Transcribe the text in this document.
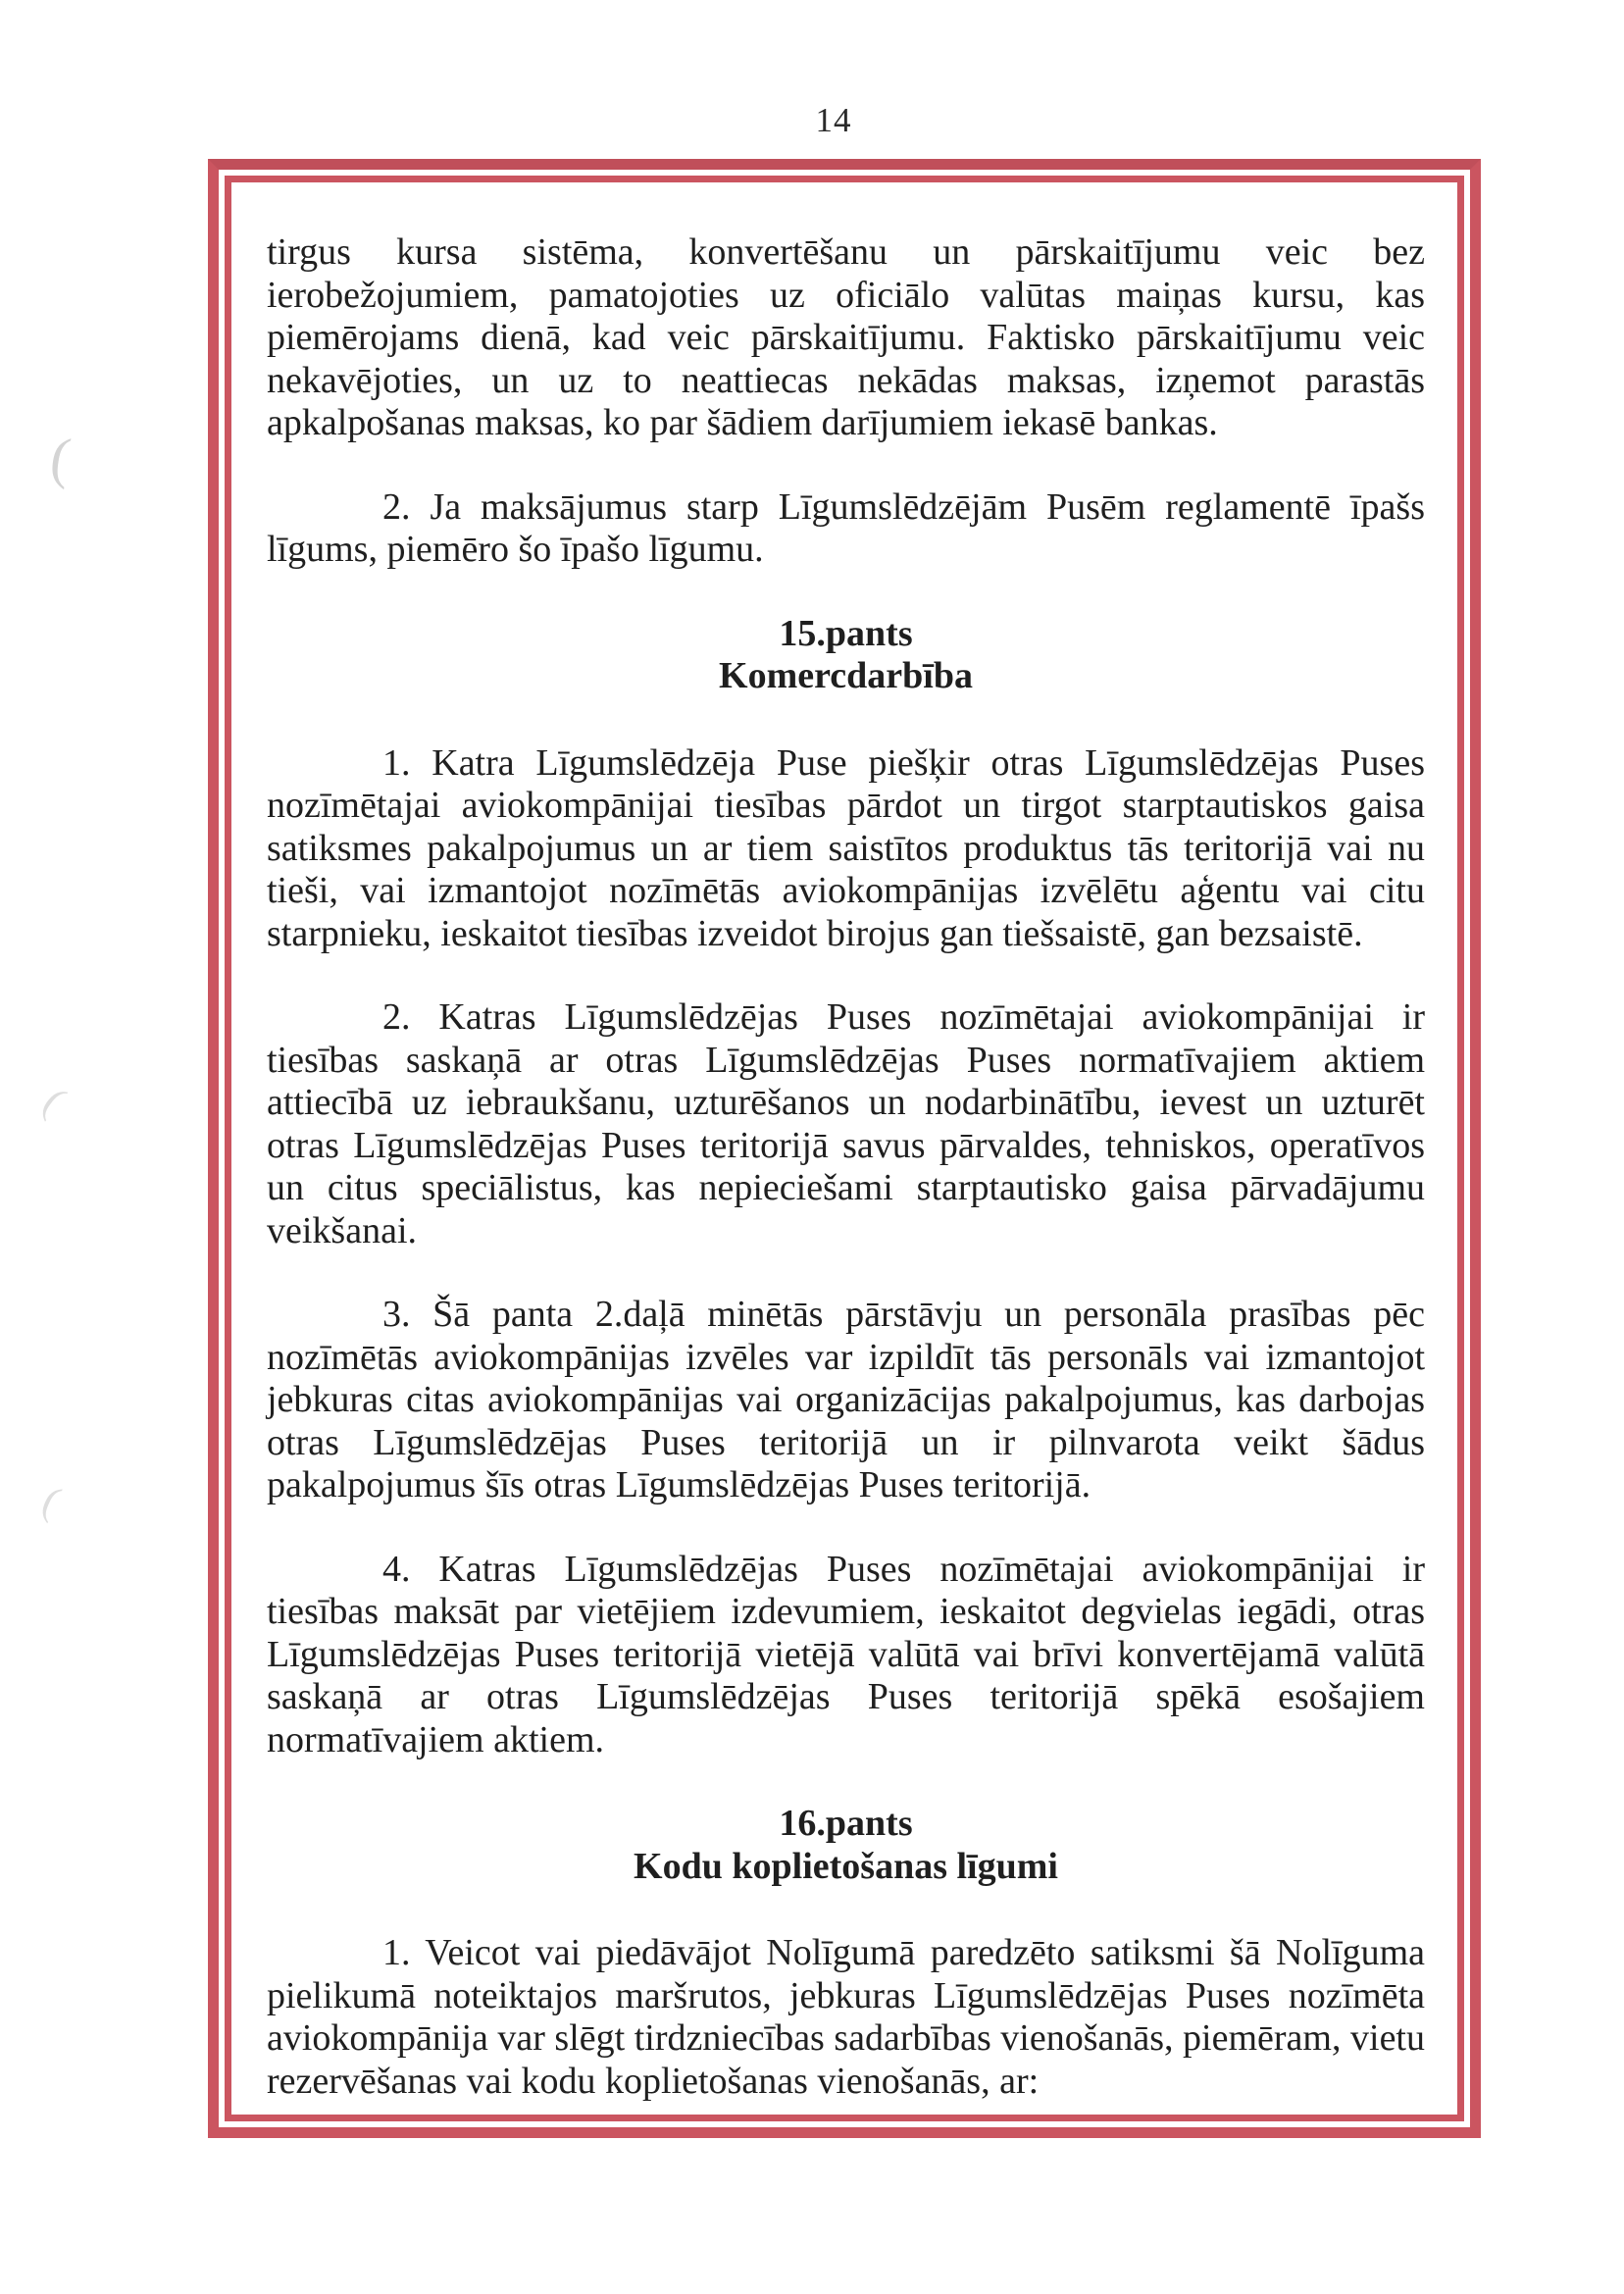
14
(
(
(

tirgus kursa sistēma, konvertēšanu un pārskaitījumu veic bez ierobežojumiem, pamatojoties uz oficiālo valūtas maiņas kursu, kas piemērojams dienā, kad veic pārskaitījumu. Faktisko pārskaitījumu veic nekavējoties, un uz to neattiecas nekādas maksas, izņemot parastās apkalpošanas maksas, ko par šādiem darījumiem iekasē bankas.

2. Ja maksājumus starp Līgumslēdzējām Pusēm reglamentē īpašs līgums, piemēro šo īpašo līgumu.

15.pants
Komercdarbība

1. Katra Līgumslēdzēja Puse piešķir otras Līgumslēdzējas Puses nozīmētajai aviokompānijai tiesības pārdot un tirgot starptautiskos gaisa satiksmes pakalpojumus un ar tiem saistītos produktus tās teritorijā vai nu tieši, vai izmantojot nozīmētās aviokompānijas izvēlētu aģentu vai citu starpnieku, ieskaitot tiesības izveidot birojus gan tiešsaistē, gan bezsaistē.

2. Katras Līgumslēdzējas Puses nozīmētajai aviokompānijai ir tiesības saskaņā ar otras Līgumslēdzējas Puses normatīvajiem aktiem attiecībā uz iebraukšanu, uzturēšanos un nodarbinātību, ievest un uzturēt otras Līgumslēdzējas Puses teritorijā savus pārvaldes, tehniskos, operatīvos un citus speciālistus, kas nepieciešami starptautisko gaisa pārvadājumu veikšanai.

3. Šā panta 2.daļā minētās pārstāvju un personāla prasības pēc nozīmētās aviokompānijas izvēles var izpildīt tās personāls vai izmantojot jebkuras citas aviokompānijas vai organizācijas pakalpojumus, kas darbojas otras Līgumslēdzējas Puses teritorijā un ir pilnvarota veikt šādus pakalpojumus šīs otras Līgumslēdzējas Puses teritorijā.

4. Katras Līgumslēdzējas Puses nozīmētajai aviokompānijai ir tiesības maksāt par vietējiem izdevumiem, ieskaitot degvielas iegādi, otras Līgumslēdzējas Puses teritorijā vietējā valūtā vai brīvi konvertējamā valūtā saskaņā ar otras Līgumslēdzējas Puses teritorijā spēkā esošajiem normatīvajiem aktiem.

16.pants
Kodu koplietošanas līgumi

1. Veicot vai piedāvājot Nolīgumā paredzēto satiksmi šā Nolīguma pielikumā noteiktajos maršrutos, jebkuras Līgumslēdzējas Puses nozīmēta aviokompānija var slēgt tirdzniecības sadarbības vienošanās, piemēram, vietu rezervēšanas vai kodu koplietošanas vienošanās, ar:
